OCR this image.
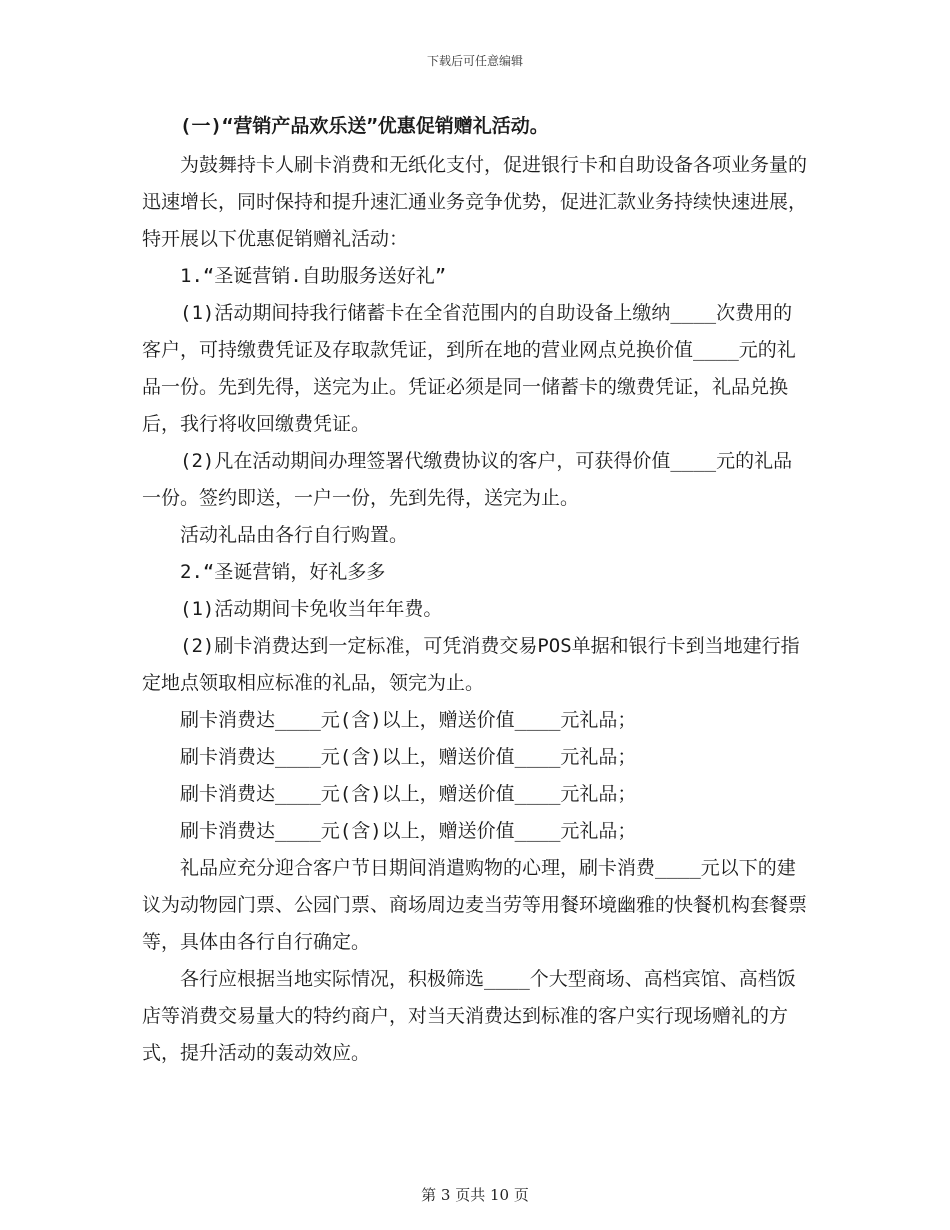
下载后可任意编辑

(一)“营销产品欢乐送”优惠促销赠礼活动。

为鼓舞持卡人刷卡消费和无纸化支付，促进银行卡和自助设备各项业务量的迅速增长，同时保持和提升速汇通业务竞争优势，促进汇款业务持续快速进展，特开展以下优惠促销赠礼活动：

1.“圣诞营销.自助服务送好礼”

(1)活动期间持我行储蓄卡在全省范围内的自助设备上缴纳____次费用的客户，可持缴费凭证及存取款凭证，到所在地的营业网点兑换价值____元的礼品一份。先到先得，送完为止。凭证必须是同一储蓄卡的缴费凭证，礼品兑换后，我行将收回缴费凭证。

(2)凡在活动期间办理签署代缴费协议的客户，可获得价值____元的礼品一份。签约即送，一户一份，先到先得，送完为止。

活动礼品由各行自行购置。

2.“圣诞营销，好礼多多

(1)活动期间卡免收当年年费。

(2)刷卡消费达到一定标准，可凭消费交易POS单据和银行卡到当地建行指定地点领取相应标准的礼品，领完为止。

刷卡消费达____元(含)以上，赠送价值____元礼品；

刷卡消费达____元(含)以上，赠送价值____元礼品；

刷卡消费达____元(含)以上，赠送价值____元礼品；

刷卡消费达____元(含)以上，赠送价值____元礼品；

礼品应充分迎合客户节日期间消遣购物的心理，刷卡消费____元以下的建议为动物园门票、公园门票、商场周边麦当劳等用餐环境幽雅的快餐机构套餐票等，具体由各行自行确定。

各行应根据当地实际情况，积极筛选____个大型商场、高档宾馆、高档饭店等消费交易量大的特约商户，对当天消费达到标准的客户实行现场赠礼的方式，提升活动的轰动效应。

第 3 页共 10 页
